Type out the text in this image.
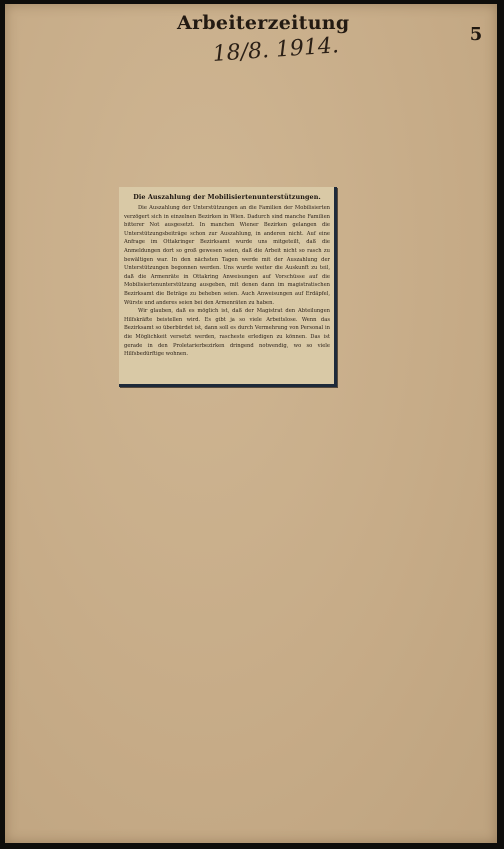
Arbeiterzeitung
18/8. 1914.	5
Die Auszahlung der Mobilisiertenunterstützungen.

Die Auszahlung der Unterstützungen an die Familien der Mobilisierten verzögert sich in einzelnen Bezirken in Wien. Dadurch sind manche Familien bitterer Not ausgesetzt. In manchen Wiener Bezirken gelangen die Unterstützungsbeiträge schon zur Auszahlung, in anderen nicht. Auf eine Anfrage im Ottakringer Bezirksamt wurde uns mitgeteilt, daß die Anmeldungen dort so groß gewesen seien, daß die Arbeit nicht so rasch zu bewältigen war. In den nächsten Tagen werde mit der Auszahlung der Unterstützungen begonnen werden. Uns wurde weiter die Auskunft zu teil, daß die Armenräte in Ottakring Anweisungen auf Vorschüsse auf die Mobilisiertenunterstützung ausgeben, mit denen dann im magistratischen Bezirksamt die Beträge zu beheben seien. Auch Anweisungen auf Erdäpfel, Würste und anderes seien bei den Armenräten zu haben.

Wir glauben, daß es möglich ist, daß der Magistrat den Abteilungen Hilfskräfte beistellen wird. Es gibt ja so viele Arbeitslose. Wenn das Bezirksamt so überbürdet ist, dann soll es durch Vermehrung von Personal in die Möglichkeit versetzt werden, rascheste erledigen zu können. Das ist gerade in den Proletarierbezirken dringend notwendig, wo so viele Hilfsbedürftige wohnen.
